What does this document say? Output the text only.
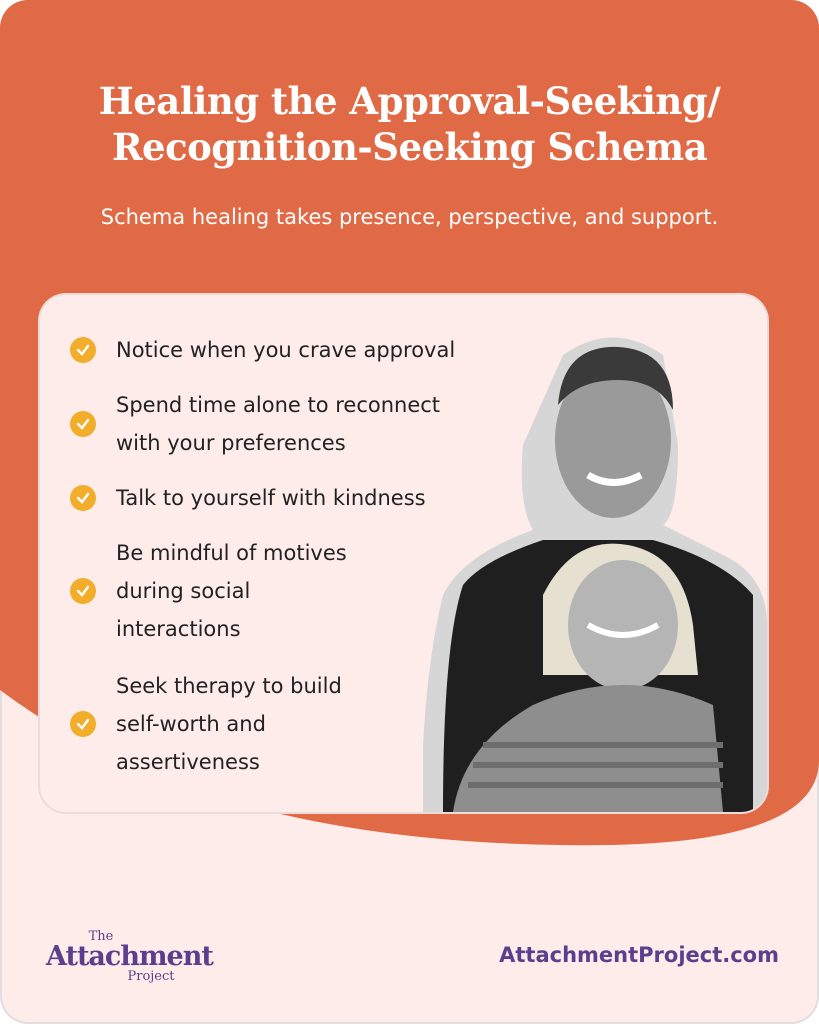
Healing the Approval-Seeking/
Recognition-Seeking Schema
Schema healing takes presence, perspective, and support.
Notice when you crave approval
Spend time alone to reconnect
with your preferences
Talk to yourself with kindness
Be mindful of motives
during social
interactions
Seek therapy to build
self-worth and
assertiveness
The
Attachment
Project
AttachmentProject.com
